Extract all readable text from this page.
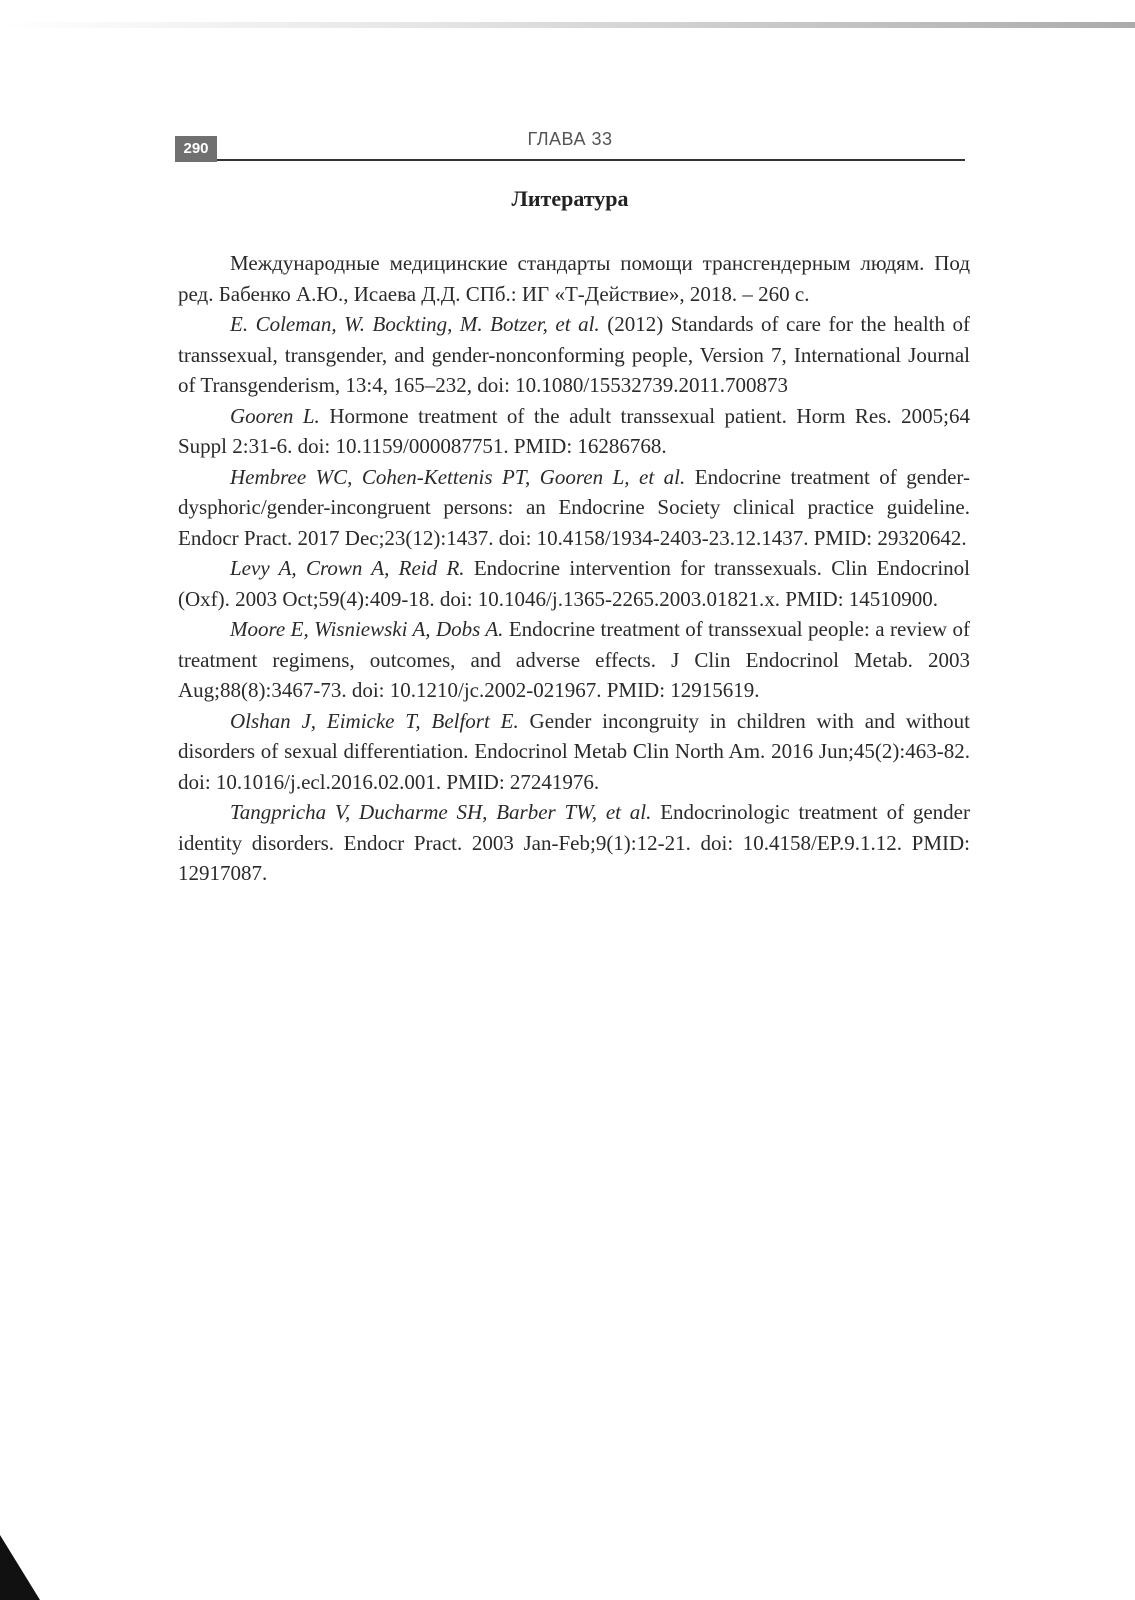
290	ГЛАВА 33
Литература

Международные медицинские стандарты помощи трансгендерным людям. Под ред. Бабенко А.Ю., Исаева Д.Д. СПб.: ИГ «Т-Действие», 2018. – 260 с.

E. Coleman, W. Bockting, M. Botzer, et al. (2012) Standards of care for the health of transsexual, transgender, and gender-nonconforming people, Version 7, International Journal of Transgenderism, 13:4, 165–232, doi: 10.1080/15532739.2011.700873

Gooren L. Hormone treatment of the adult transsexual patient. Horm Res. 2005;64 Suppl 2:31-6. doi: 10.1159/000087751. PMID: 16286768.

Hembree WC, Cohen-Kettenis PT, Gooren L, et al. Endocrine treatment of gender-dysphoric/gender-incongruent persons: an Endocrine Society clinical practice guideline. Endocr Pract. 2017 Dec;23(12):1437. doi: 10.4158/1934-2403-23.12.1437. PMID: 29320642.

Levy A, Crown A, Reid R. Endocrine intervention for transsexuals. Clin Endocrinol (Oxf). 2003 Oct;59(4):409-18. doi: 10.1046/j.1365-2265.2003.01821.x. PMID: 14510900.

Moore E, Wisniewski A, Dobs A. Endocrine treatment of transsexual people: a review of treatment regimens, outcomes, and adverse effects. J Clin Endocrinol Metab. 2003 Aug;88(8):3467-73. doi: 10.1210/jc.2002-021967. PMID: 12915619.

Olshan J, Eimicke T, Belfort E. Gender incongruity in children with and without disorders of sexual differentiation. Endocrinol Metab Clin North Am. 2016 Jun;45(2):463-82. doi: 10.1016/j.ecl.2016.02.001. PMID: 27241976.

Tangpricha V, Ducharme SH, Barber TW, et al. Endocrinologic treatment of gender identity disorders. Endocr Pract. 2003 Jan-Feb;9(1):12-21. doi: 10.4158/EP.9.1.12. PMID: 12917087.
